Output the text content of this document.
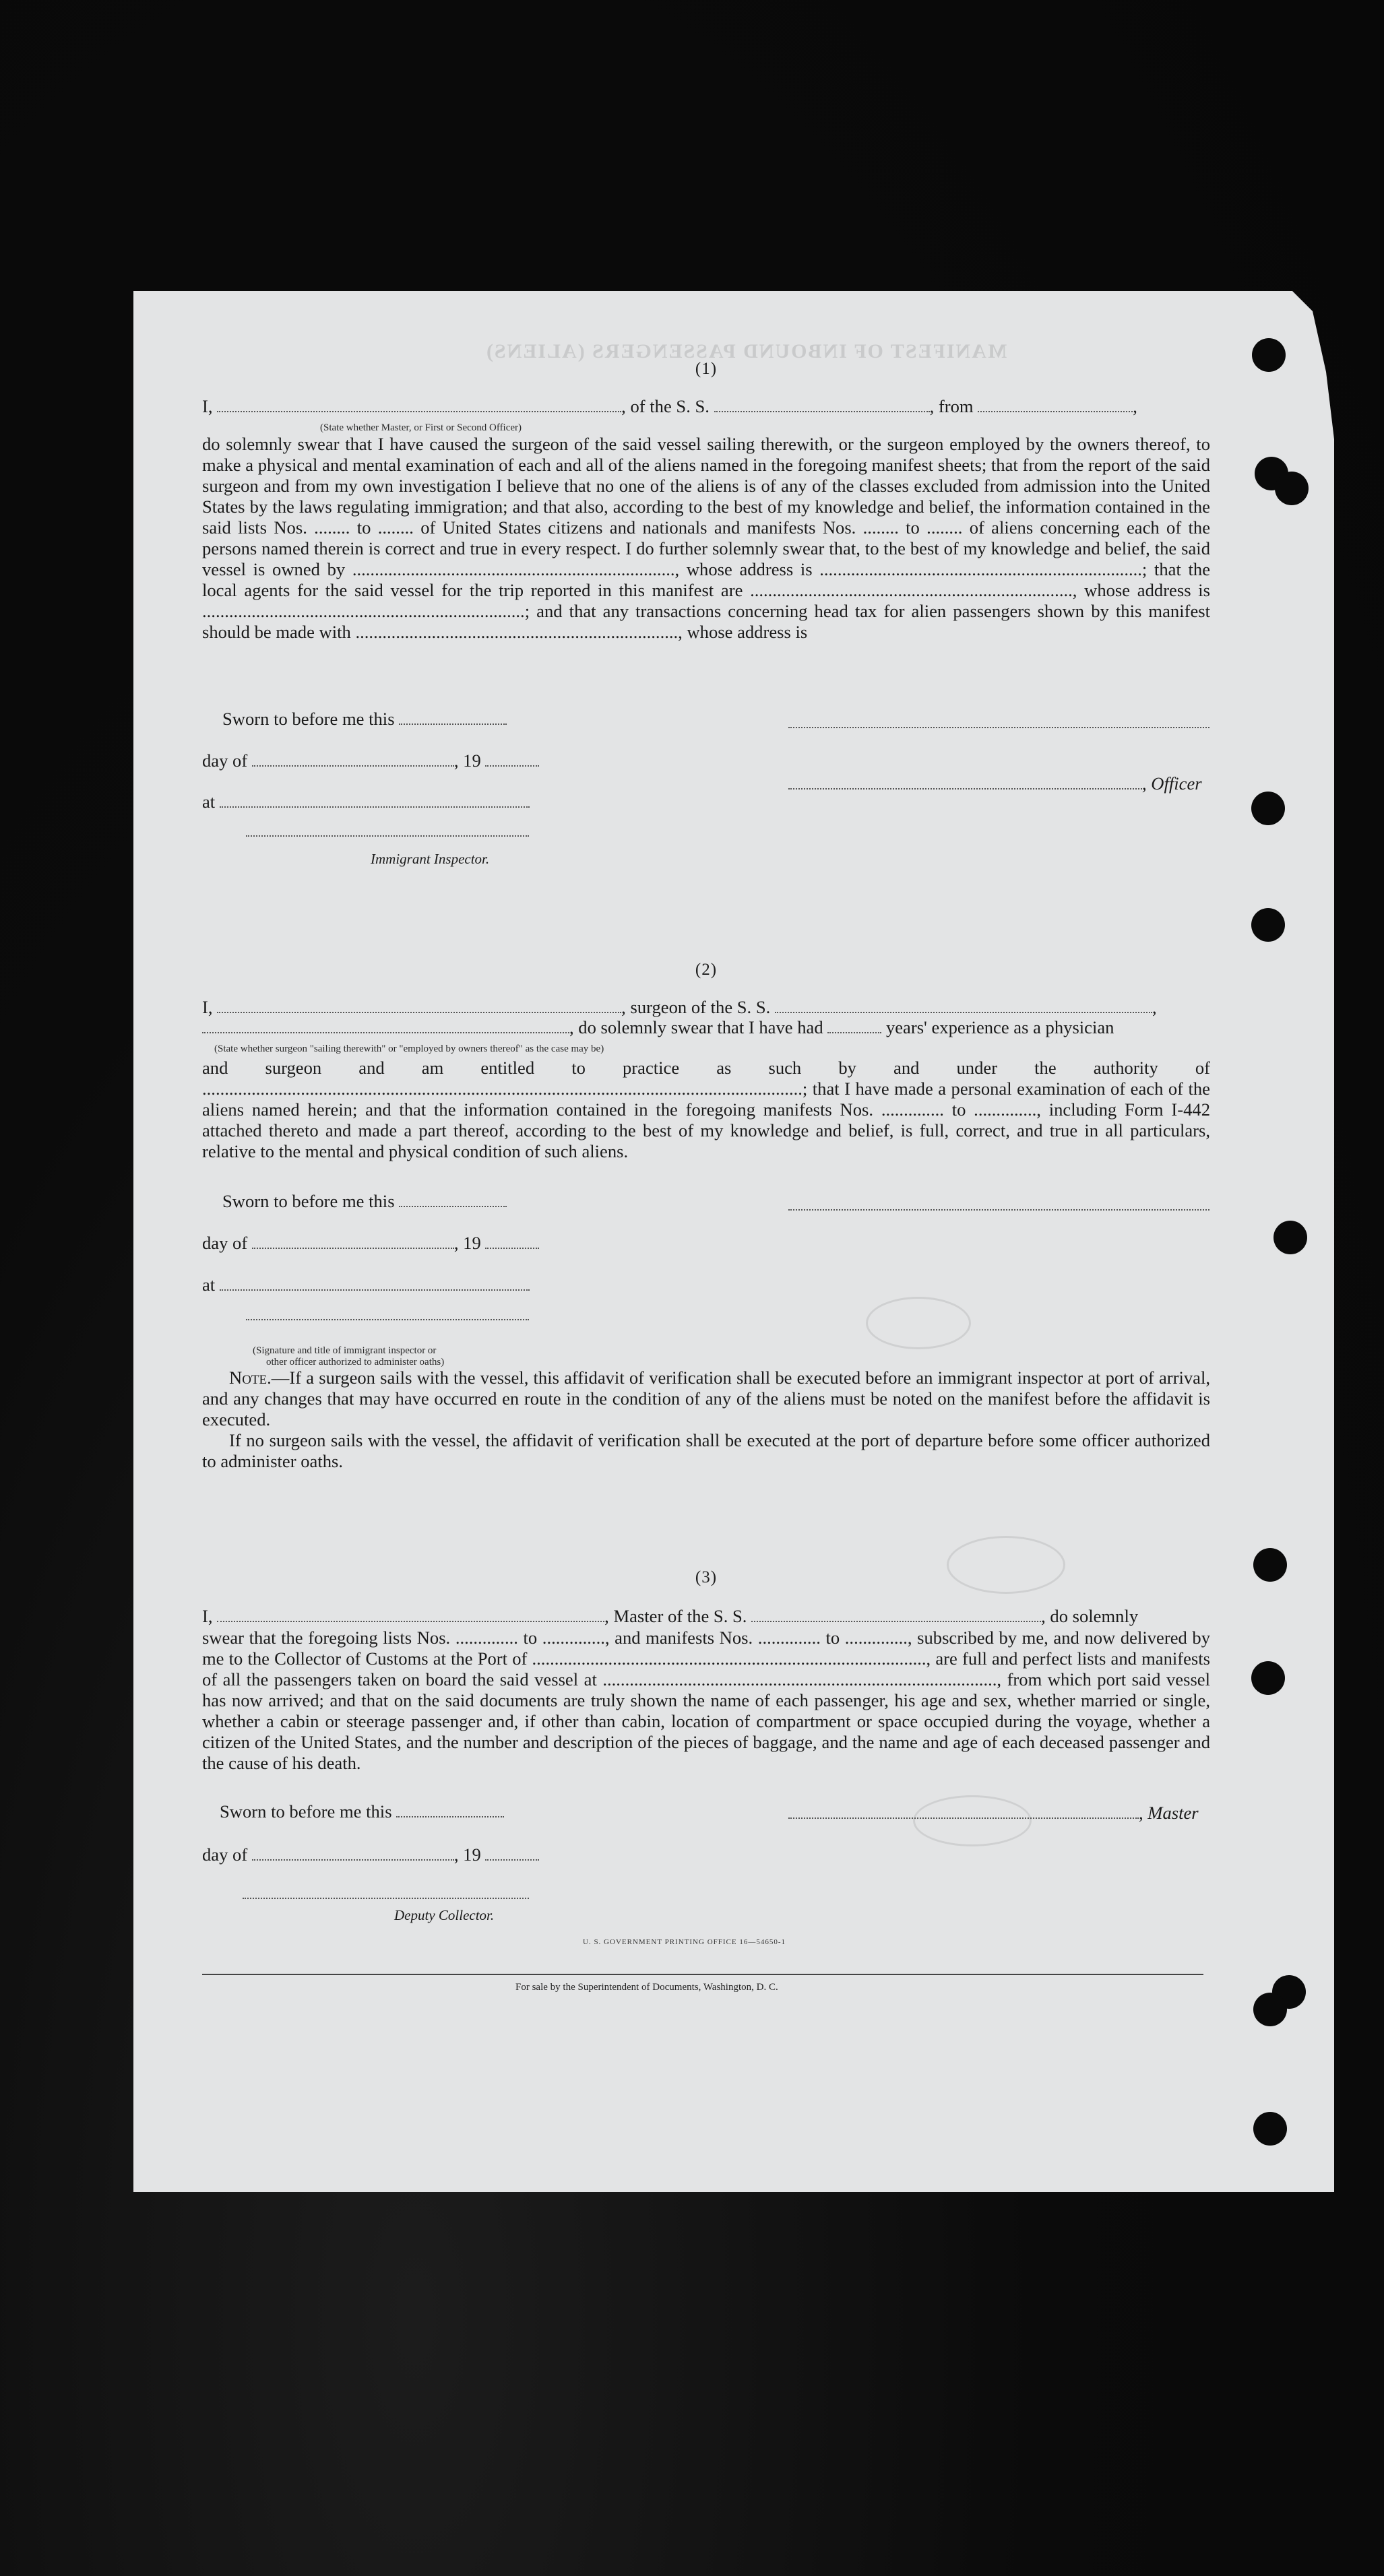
MANIFEST OF INBOUND PASSENGERS (ALIENS)
(1)
I,	, of the S. S.	, from	,
(State whether Master, or First or Second Officer)
do solemnly swear that I have caused the surgeon of the said vessel sailing therewith, or the surgeon employed by the owners thereof, to make a physical and mental examination of each and all of the aliens named in the foregoing manifest sheets; that from the report of the said surgeon and from my own investigation I believe that no one of the aliens is of any of the classes excluded from admission into the United States by the laws regulating immigration; and that also, according to the best of my knowledge and belief, the information contained in the said lists Nos. ........ to ........ of United States citizens and nationals and manifests Nos. ........ to ........ of aliens concerning each of the persons named therein is correct and true in every respect. I do further solemnly swear that, to the best of my knowledge and belief, the said vessel is owned by ........................................................................, whose address is ........................................................................; that the local agents for the said vessel for the trip reported in this manifest are ........................................................................, whose address is ........................................................................; and that any transactions concerning head tax for alien passengers shown by this manifest should be made with ........................................................................, whose address is
Sworn to before me this
day of	, 19
, Officer
at
Immigrant Inspector.
(2)
I,	, surgeon of the S. S.	,
, do solemnly swear that I have had	years' experience as a physician
(State whether surgeon "sailing therewith" or "employed by owners thereof" as the case may be)
and surgeon and am entitled to practice as such by and under the authority of ......................................................................................................................................; that I have made a personal examination of each of the aliens named herein; and that the information contained in the foregoing manifests Nos. .............. to .............., including Form I-442 attached thereto and made a part thereof, according to the best of my knowledge and belief, is full, correct, and true in all particulars, relative to the mental and physical condition of such aliens.
Sworn to before me this
day of	, 19
at
(Signature and title of immigrant inspector or
other officer authorized to administer oaths)
Note.—If a surgeon sails with the vessel, this affidavit of verification shall be executed before an immigrant inspector at port of arrival, and any changes that may have occurred en route in the condition of any of the aliens must be noted on the manifest before the affidavit is executed.
If no surgeon sails with the vessel, the affidavit of verification shall be executed at the port of departure before some officer authorized to administer oaths.
(3)
I,	, Master of the S. S.	, do solemnly
swear that the foregoing lists Nos. .............. to .............., and manifests Nos. .............. to .............., subscribed by me, and now delivered by me to the Collector of Customs at the Port of ........................................................................................, are full and perfect lists and manifests of all the passengers taken on board the said vessel at ........................................................................................, from which port said vessel has now arrived; and that on the said documents are truly shown the name of each passenger, his age and sex, whether married or single, whether a cabin or steerage passenger and, if other than cabin, location of compartment or space occupied during the voyage, whether a citizen of the United States, and the number and description of the pieces of baggage, and the name and age of each deceased passenger and the cause of his death.
Sworn to before me this	, Master
day of	, 19
Deputy Collector.
U. S. GOVERNMENT PRINTING OFFICE 16—54650-1
For sale by the Superintendent of Documents, Washington, D. C.
